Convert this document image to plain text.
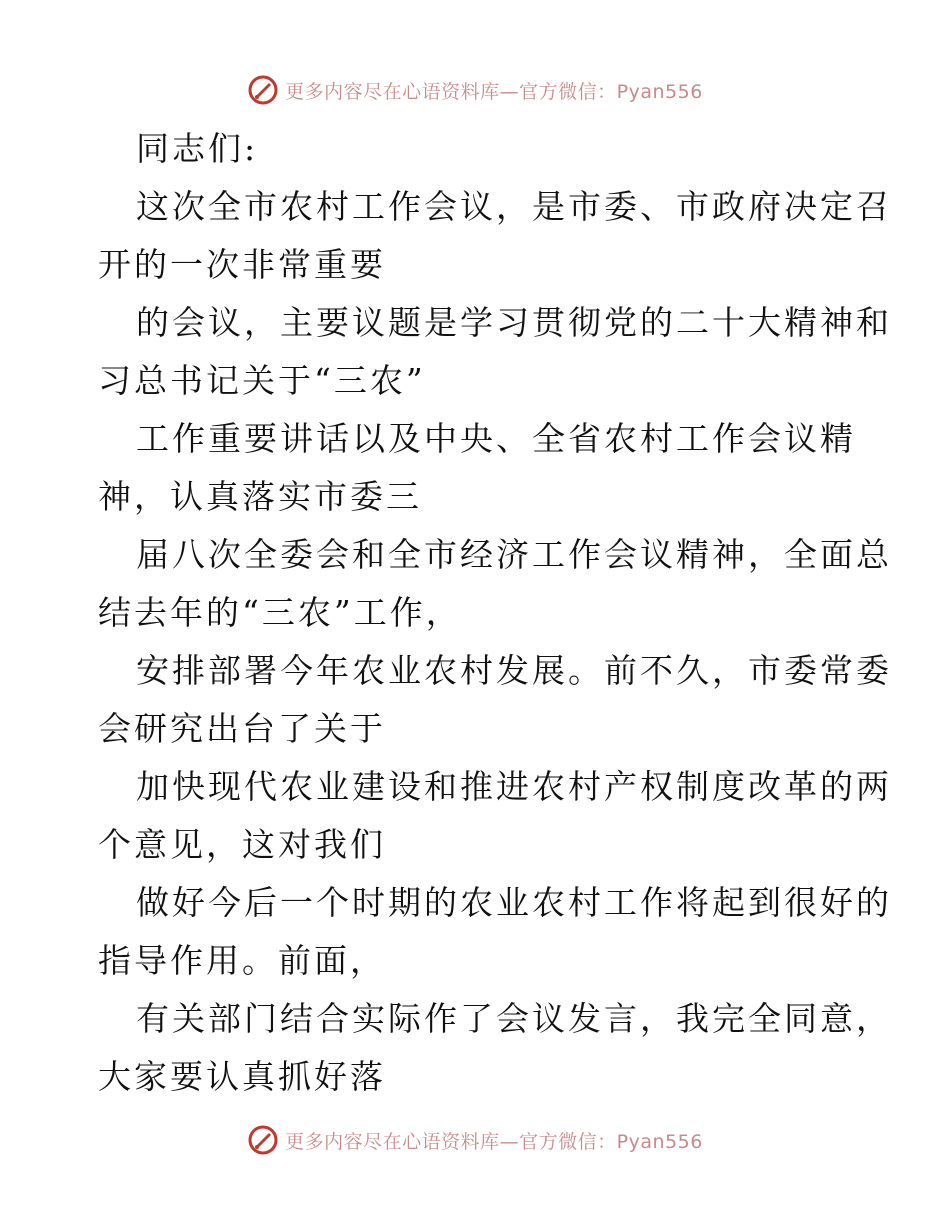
更多内容尽在心语资料库—官方微信：Pyan556
同志们:
这次全市农村工作会议，是市委、市政府决定召
开的一次非常重要
的会议，主要议题是学习贯彻党的二十大精神和
习总书记关于“三农”
工作重要讲话以及中央、全省农村工作会议精
神，认真落实市委三
届八次全委会和全市经济工作会议精神，全面总
结去年的“三农”工作，
安排部署今年农业农村发展。前不久，市委常委
会研究出台了关于
加快现代农业建设和推进农村产权制度改革的两
个意见，这对我们
做好今后一个时期的农业农村工作将起到很好的
指导作用。前面，
有关部门结合实际作了会议发言，我完全同意，
大家要认真抓好落
更多内容尽在心语资料库—官方微信：Pyan556
